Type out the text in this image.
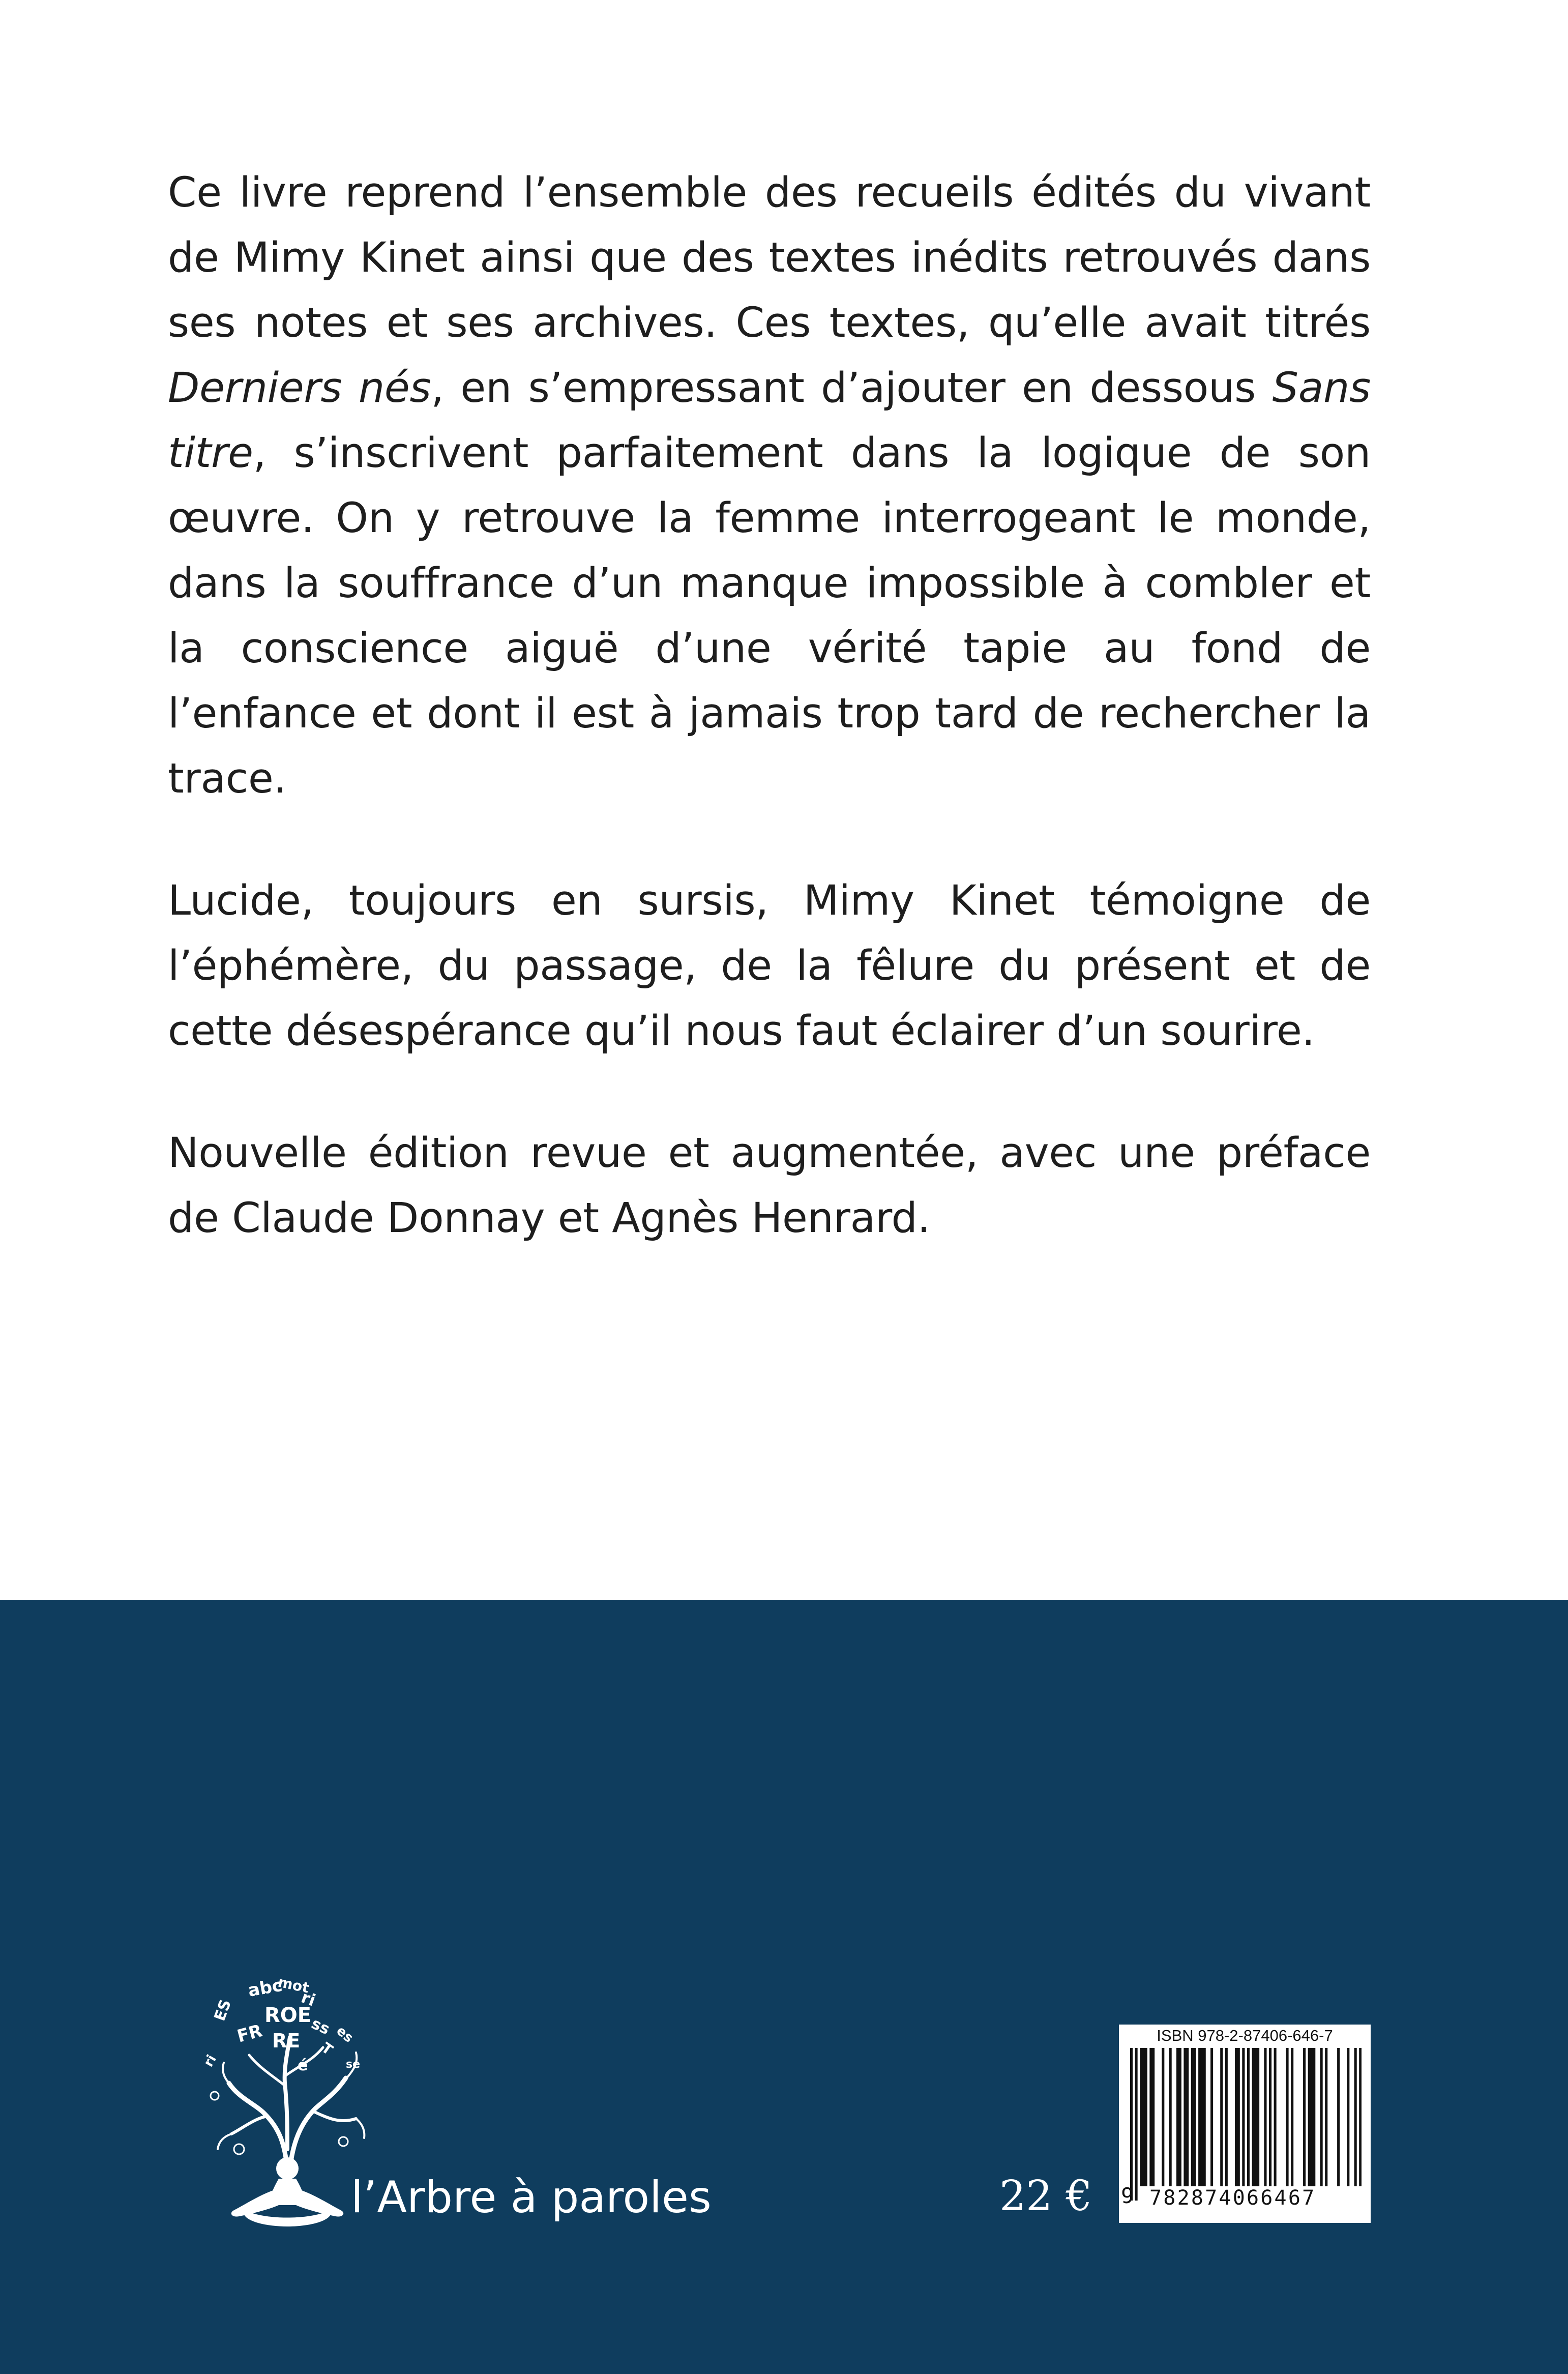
Ce livre reprend l’ensemble des recueils édités du vivant de Mimy Kinet ainsi que des textes inédits retrouvés dans ses notes et ses archives. Ces textes, qu’elle avait titrés Derniers nés, en s’empressant d’ajouter en dessous Sans titre, s’inscrivent parfaitement dans la logique de son œuvre. On y retrouve la femme interrogeant le monde, dans la souffrance d’un manque impossible à combler et la conscience aiguë d’une vérité tapie au fond de l’enfance et dont il est à jamais trop tard de rechercher la trace.

Lucide, toujours en sursis, Mimy Kinet témoigne de l’éphémère, du passage, de la fêlure du présent et de cette désespérance qu’il nous faut éclairer d’un sourire.

Nouvelle édition revue et augmentée, avec une préface de Claude Donnay et Agnès Henrard.

abc
mot
ri
ES ROE
ss
FR RE T
es
ri	é	se
l’Arbre à paroles	22 €
ISBN 978-2-87406-646-7
9 782874066467
